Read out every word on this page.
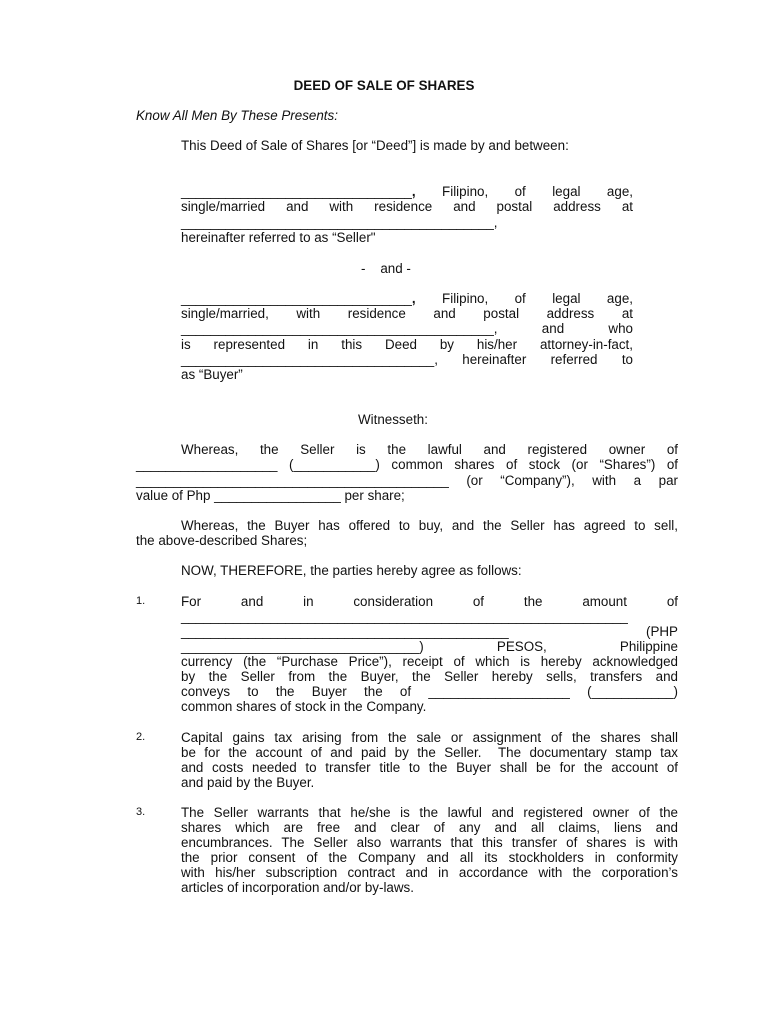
DEED OF SALE OF SHARES
Know All Men By These Presents:
This Deed of Sale of Shares [or “Deed”] is made by and between:
_______________________________, Filipino, of legal age,
single/married and with residence and postal address at
__________________________________________,
hereinafter referred to as “Seller"
-    and -
_______________________________, Filipino, of legal age,
single/married, with residence and postal address at
__________________________________________, and who
is represented in this Deed by his/her attorney-in-fact,
__________________________________, hereinafter referred to
as “Buyer”
Witnesseth:
Whereas, the Seller is the lawful and registered owner of
___________________ (___________) common shares of stock (or “Shares”) of
__________________________________________ (or “Company”), with a par
value of Php _________________ per share;
Whereas, the Buyer has offered to buy, and the Seller has agreed to sell,
the above-described Shares;
NOW, THEREFORE, the parties hereby agree as follows:
1.	For and in consideration of the amount of
____________________________________________________________
____________________________________________ (PHP
________________________________) PESOS, Philippine
currency (the “Purchase Price”), receipt of which is hereby acknowledged
by the Seller from the Buyer, the Seller hereby sells, transfers and
conveys to the Buyer the of ___________________ (___________)
common shares of stock in the Company.
2.	Capital gains tax arising from the sale or assignment of the shares shall
be for the account of and paid by the Seller.  The documentary stamp tax
and costs needed to transfer title to the Buyer shall be for the account of
and paid by the Buyer.
3.	The Seller warrants that he/she is the lawful and registered owner of the
shares which are free and clear of any and all claims, liens and
encumbrances. The Seller also warrants that this transfer of shares is with
the prior consent of the Company and all its stockholders in conformity
with his/her subscription contract and in accordance with the corporation’s
articles of incorporation and/or by-laws.
